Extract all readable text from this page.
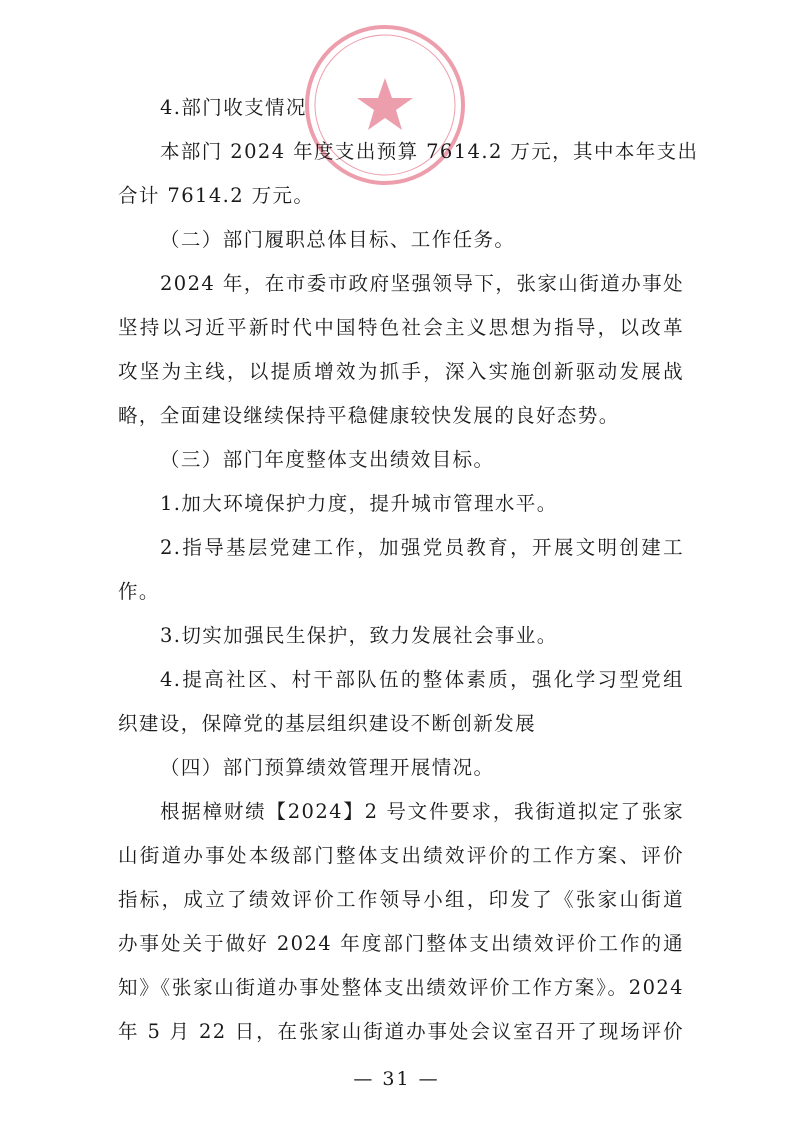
4.部门收支情况
本部门 2024 年度支出预算 7614.2 万元，其中本年支出
合计 7614.2 万元。
（二）部门履职总体目标、工作任务。
2024 年，在市委市政府坚强领导下，张家山街道办事处
坚持以习近平新时代中国特色社会主义思想为指导，以改革
攻坚为主线，以提质增效为抓手，深入实施创新驱动发展战
略，全面建设继续保持平稳健康较快发展的良好态势。
（三）部门年度整体支出绩效目标。
1.加大环境保护力度，提升城市管理水平。
2.指导基层党建工作，加强党员教育，开展文明创建工
作。
3.切实加强民生保护，致力发展社会事业。
4.提高社区、村干部队伍的整体素质，强化学习型党组
织建设，保障党的基层组织建设不断创新发展
（四）部门预算绩效管理开展情况。
根据樟财绩【2024】2 号文件要求，我街道拟定了张家
山街道办事处本级部门整体支出绩效评价的工作方案、评价
指标，成立了绩效评价工作领导小组，印发了《张家山街道
办事处关于做好 2024 年度部门整体支出绩效评价工作的通
知》《张家山街道办事处整体支出绩效评价工作方案》。2024
年 5 月 22 日，在张家山街道办事处会议室召开了现场评价
— 31 —
